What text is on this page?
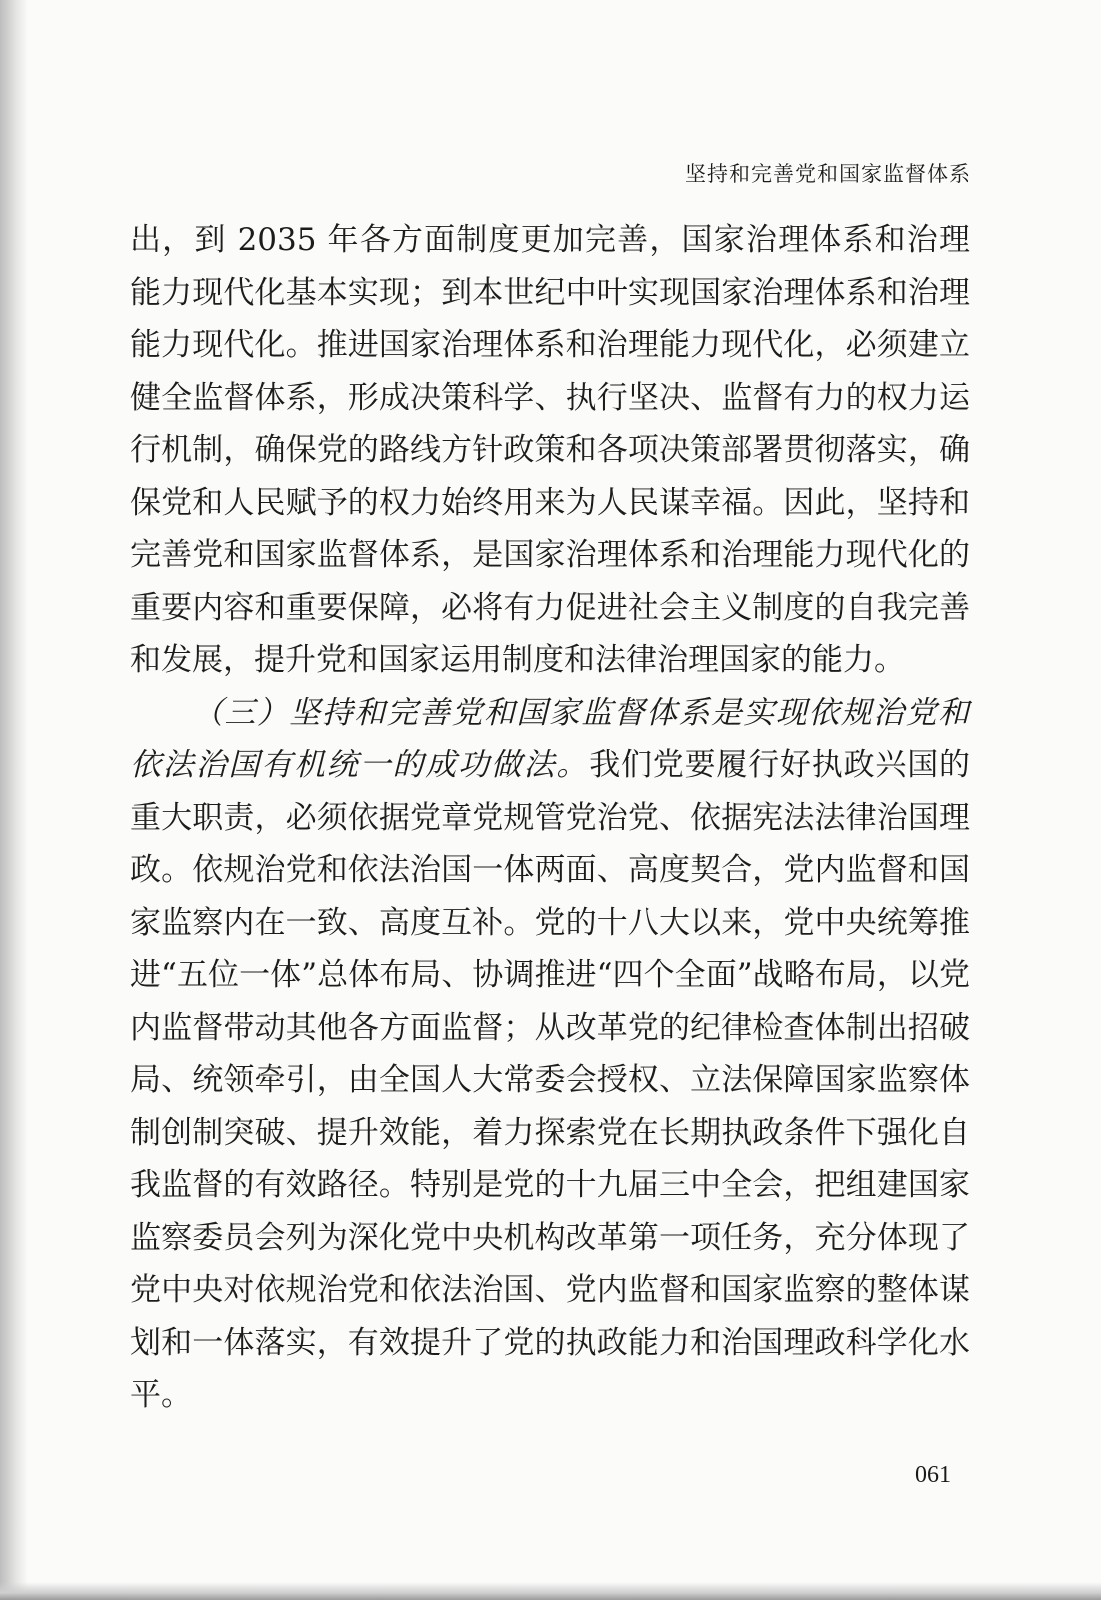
坚持和完善党和国家监督体系

出，到 2035 年各方面制度更加完善，国家治理体系和治理能力现代化基本实现；到本世纪中叶实现国家治理体系和治理能力现代化。推进国家治理体系和治理能力现代化，必须建立健全监督体系，形成决策科学、执行坚决、监督有力的权力运行机制，确保党的路线方针政策和各项决策部署贯彻落实，确保党和人民赋予的权力始终用来为人民谋幸福。因此，坚持和完善党和国家监督体系，是国家治理体系和治理能力现代化的重要内容和重要保障，必将有力促进社会主义制度的自我完善和发展，提升党和国家运用制度和法律治理国家的能力。

（三）坚持和完善党和国家监督体系是实现依规治党和依法治国有机统一的成功做法。我们党要履行好执政兴国的重大职责，必须依据党章党规管党治党、依据宪法法律治国理政。依规治党和依法治国一体两面、高度契合，党内监督和国家监察内在一致、高度互补。党的十八大以来，党中央统筹推进“五位一体”总体布局、协调推进“四个全面”战略布局，以党内监督带动其他各方面监督；从改革党的纪律检查体制出招破局、统领牵引，由全国人大常委会授权、立法保障国家监察体制创制突破、提升效能，着力探索党在长期执政条件下强化自我监督的有效路径。特别是党的十九届三中全会，把组建国家监察委员会列为深化党中央机构改革第一项任务，充分体现了党中央对依规治党和依法治国、党内监督和国家监察的整体谋划和一体落实，有效提升了党的执政能力和治国理政科学化水平。

061
